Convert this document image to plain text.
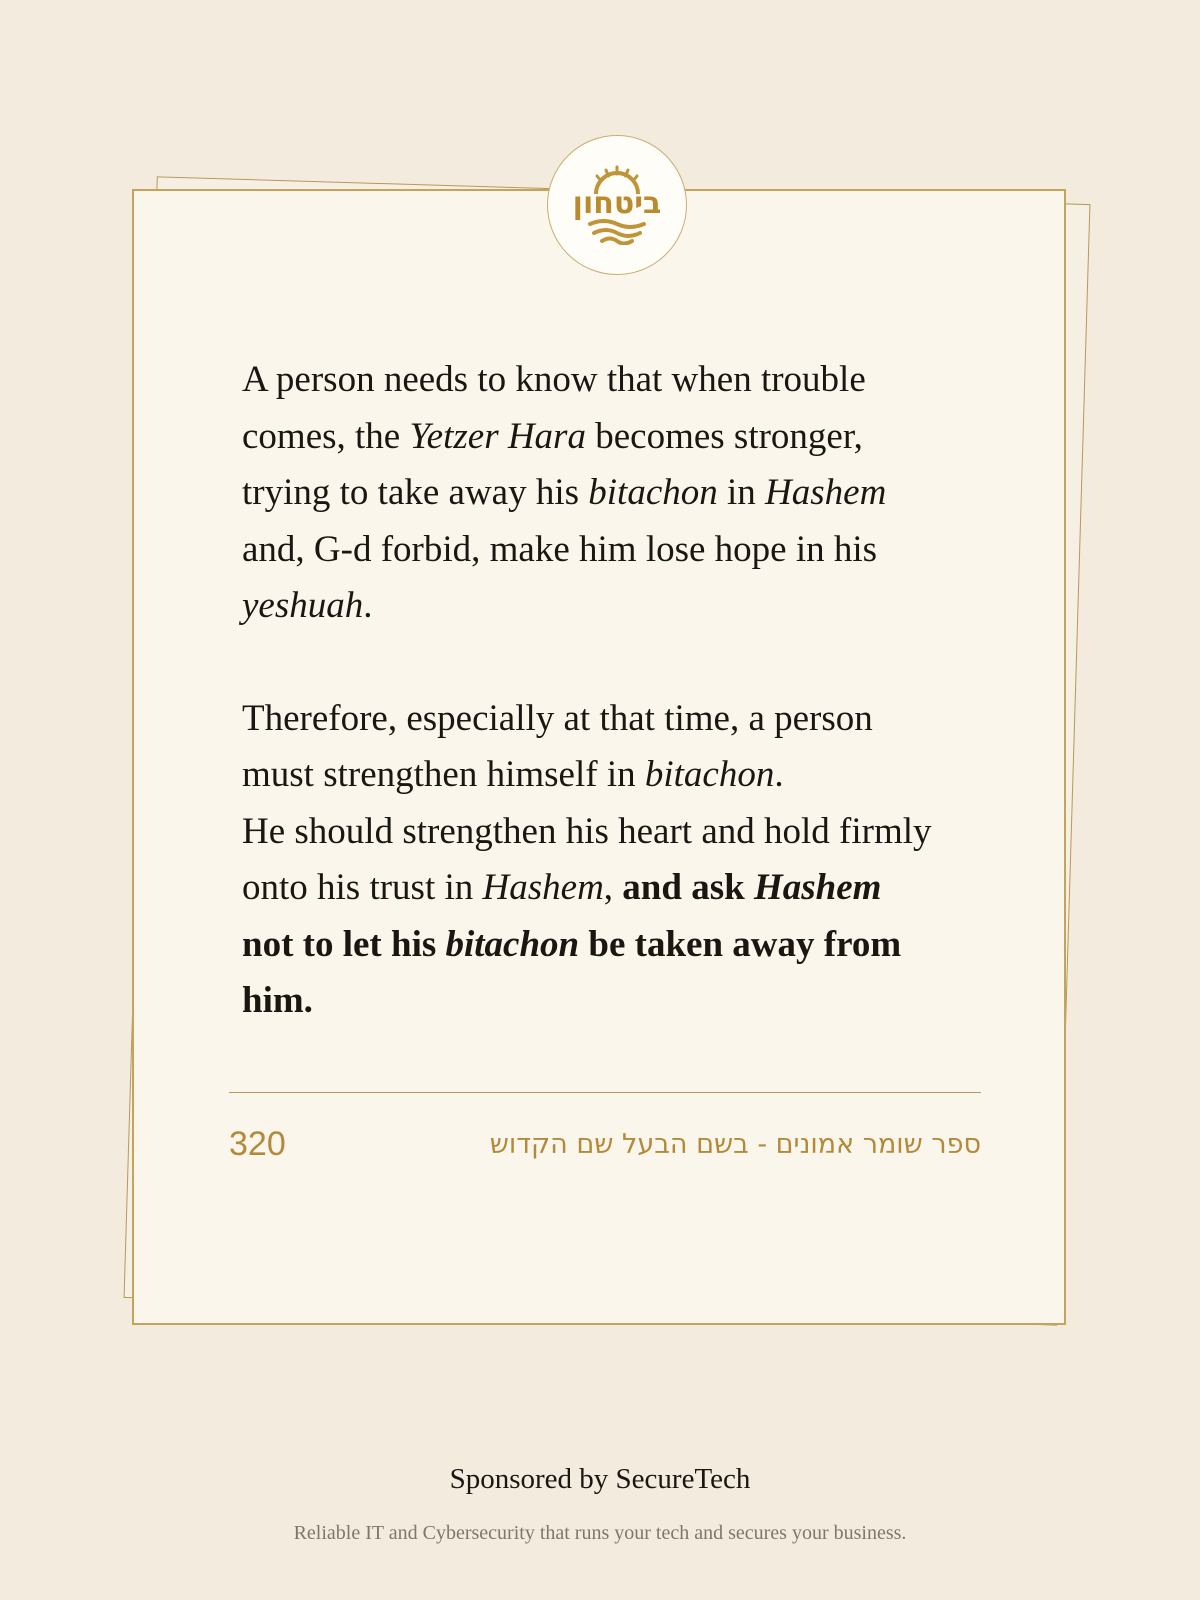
ביטחון

A person needs to know that when trouble comes, the Yetzer Hara becomes stronger, trying to take away his bitachon in Hashem and, G-d forbid, make him lose hope in his
yeshuah.

Therefore, especially at that time, a person must strengthen himself in bitachon.
He should strengthen his heart and hold firmly onto his trust in Hashem, and ask Hashem not to let his bitachon be taken away from him.

320	ספר שומר אמונים - בשם הבעל שם הקדוש
Sponsored by SecureTech
Reliable IT and Cybersecurity that runs your tech and secures your business.
